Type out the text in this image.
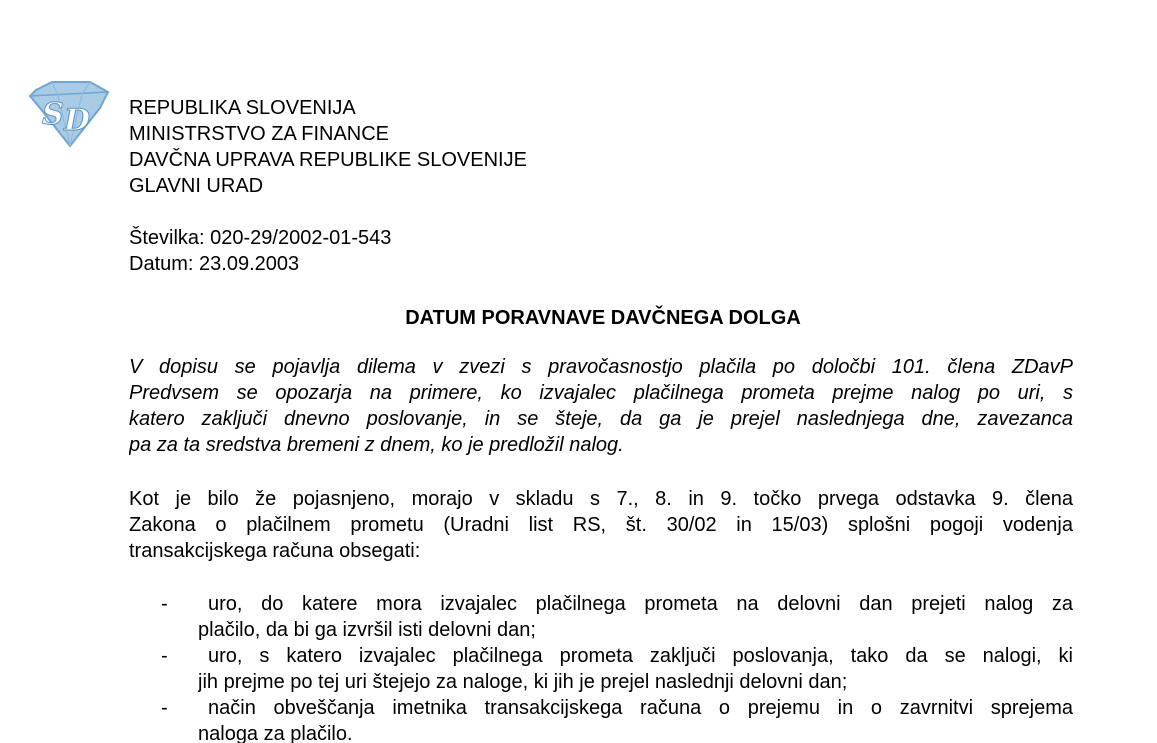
S D REPUBLIKA SLOVENIJA
MINISTRSTVO ZA FINANCE
DAVČNA UPRAVA REPUBLIKE SLOVENIJE
GLAVNI URAD
Številka: 020-29/2002-01-543
Datum: 23.09.2003
DATUM PORAVNAVE DAVČNEGA DOLGA
V dopisu se pojavlja dilema v zvezi s pravočasnostjo plačila po določbi 101. člena ZDavP
Predvsem se opozarja na primere, ko izvajalec plačilnega prometa prejme nalog po uri, s
katero zaključi dnevno poslovanje, in se šteje, da ga je prejel naslednjega dne, zavezanca
pa za ta sredstva bremeni z dnem, ko je predložil nalog.
Kot je bilo že pojasnjeno, morajo v skladu s 7., 8. in 9. točko prvega odstavka 9. člena
Zakona o plačilnem prometu (Uradni list RS, št. 30/02 in 15/03) splošni pogoji vodenja
transakcijskega računa obsegati:
-	uro, do katere mora izvajalec plačilnega prometa na delovni dan prejeti nalog za
plačilo, da bi ga izvršil isti delovni dan;
-	uro, s katero izvajalec plačilnega prometa zaključi poslovanja, tako da se nalogi, ki
jih prejme po tej uri štejejo za naloge, ki jih je prejel naslednji delovni dan;
-	način obveščanja imetnika transakcijskega računa o prejemu in o zavrnitvi sprejema
naloga za plačilo.
